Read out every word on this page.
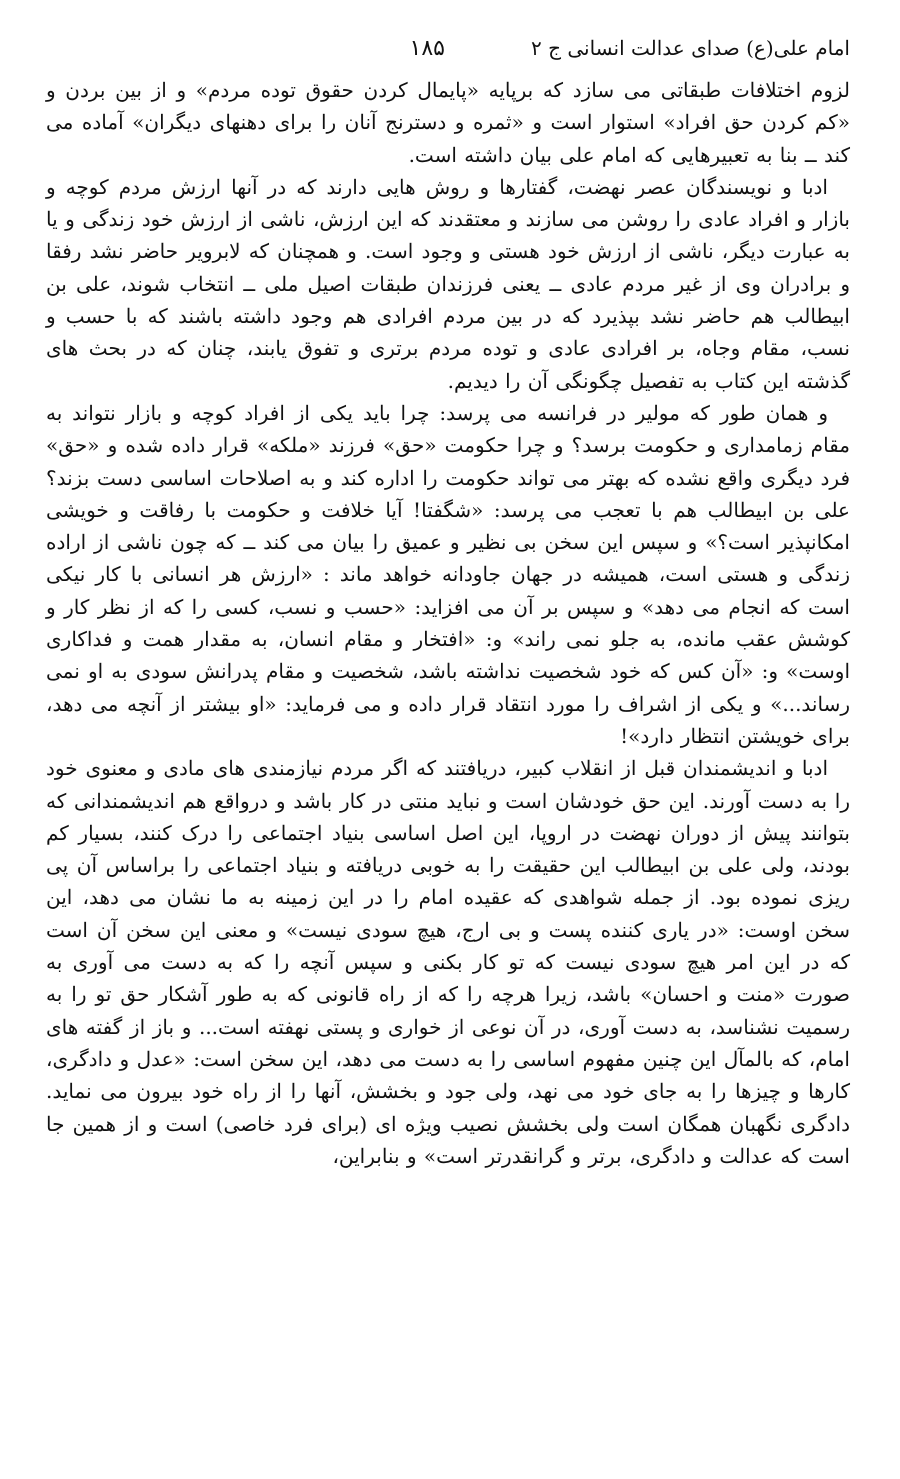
امام علی(ع) صدای عدالت انسانی ج ۲
۱۸۵

لزوم اختلافات طبقاتی می سازد که برپایه «پایمال کردن حقوق توده مردم» و از بین بردن و «کم کردن حق افراد» استوار است و «ثمره و دسترنج آنان را برای دهنهای دیگران» آماده می کند ــ بنا به تعبیرهایی که امام علی بیان داشته است.

ادبا و نویسندگان عصر نهضت، گفتارها و روش هایی دارند که در آنها ارزش مردم کوچه و بازار و افراد عادی را روشن می سازند و معتقدند که این ارزش، ناشی از ارزش خود زندگی و یا به عبارت دیگر، ناشی از ارزش خود هستی و وجود است. و همچنان که لابرویر حاضر نشد رفقا و برادران وی از غیر مردم عادی ــ یعنی فرزندان طبقات اصیل ملی ــ انتخاب شوند، علی بن ابیطالب هم حاضر نشد بپذیرد که در بین مردم افرادی هم وجود داشته باشند که با حسب و نسب، مقام وجاه، بر افرادی عادی و توده مردم برتری و تفوق یابند، چنان که در بحث های گذشته این کتاب به تفصیل چگونگی آن را دیدیم.

و همان طور که مولیر در فرانسه می پرسد: چرا باید یکی از افراد کوچه و بازار نتواند به مقام زمامداری و حکومت برسد؟ و چرا حکومت «حق» فرزند «ملکه» قرار داده شده و «حق» فرد دیگری واقع نشده که بهتر می تواند حکومت را اداره کند و به اصلاحات اساسی دست بزند؟ علی بن ابیطالب هم با تعجب می پرسد: «شگفتا! آیا خلافت و حکومت با رفاقت و خویشی امکانپذیر است؟» و سپس این سخن بی نظیر و عمیق را بیان می کند ــ که چون ناشی از اراده زندگی و هستی است، همیشه در جهان جاودانه خواهد ماند : «ارزش هر انسانی با کار نیکی است که انجام می دهد» و سپس بر آن می افزاید: «حسب و نسب، کسی را که از نظر کار و کوشش عقب مانده، به جلو نمی راند» و: «افتخار و مقام انسان، به مقدار همت و فداکاری اوست» و: «آن کس که خود شخصیت نداشته باشد، شخصیت و مقام پدرانش سودی به او نمی رساند...» و یکی از اشراف را مورد انتقاد قرار داده و می فرماید: «او بیشتر از آنچه می دهد، برای خویشتن انتظار دارد»!

ادبا و اندیشمندان قبل از انقلاب کبیر، دریافتند که اگر مردم نیازمندی های مادی و معنوی خود را به دست آورند. این حق خودشان است و نباید منتی در کار باشد و درواقع هم اندیشمندانی که بتوانند پیش از دوران نهضت در اروپا، این اصل اساسی بنیاد اجتماعی را درک کنند، بسیار کم بودند، ولی علی بن ابیطالب این حقیقت را به خوبی دریافته و بنیاد اجتماعی را براساس آن پی ریزی نموده بود. از جمله شواهدی که عقیده امام را در این زمینه به ما نشان می دهد، این سخن اوست: «در یاری کننده پست و بی ارج، هیچ سودی نیست» و معنی این سخن آن است که در این امر هیچ سودی نیست که تو کار بکنی و سپس آنچه را که به دست می آوری به صورت «منت و احسان» باشد، زیرا هرچه را که از راه قانونی که به طور آشکار حق تو را به رسمیت نشناسد، به دست آوری، در آن نوعی از خواری و پستی نهفته است... و باز از گفته های امام، که بالمآل این چنین مفهوم اساسی را به دست می دهد، این سخن است: «عدل و دادگری، کارها و چیزها را به جای خود می نهد، ولی جود و بخشش، آنها را از راه خود بیرون می نماید. دادگری نگهبان همگان است ولی بخشش نصیب ویژه ای (برای فرد خاصی) است و از همین جا است که عدالت و دادگری، برتر و گرانقدرتر است» و بنابراین،
